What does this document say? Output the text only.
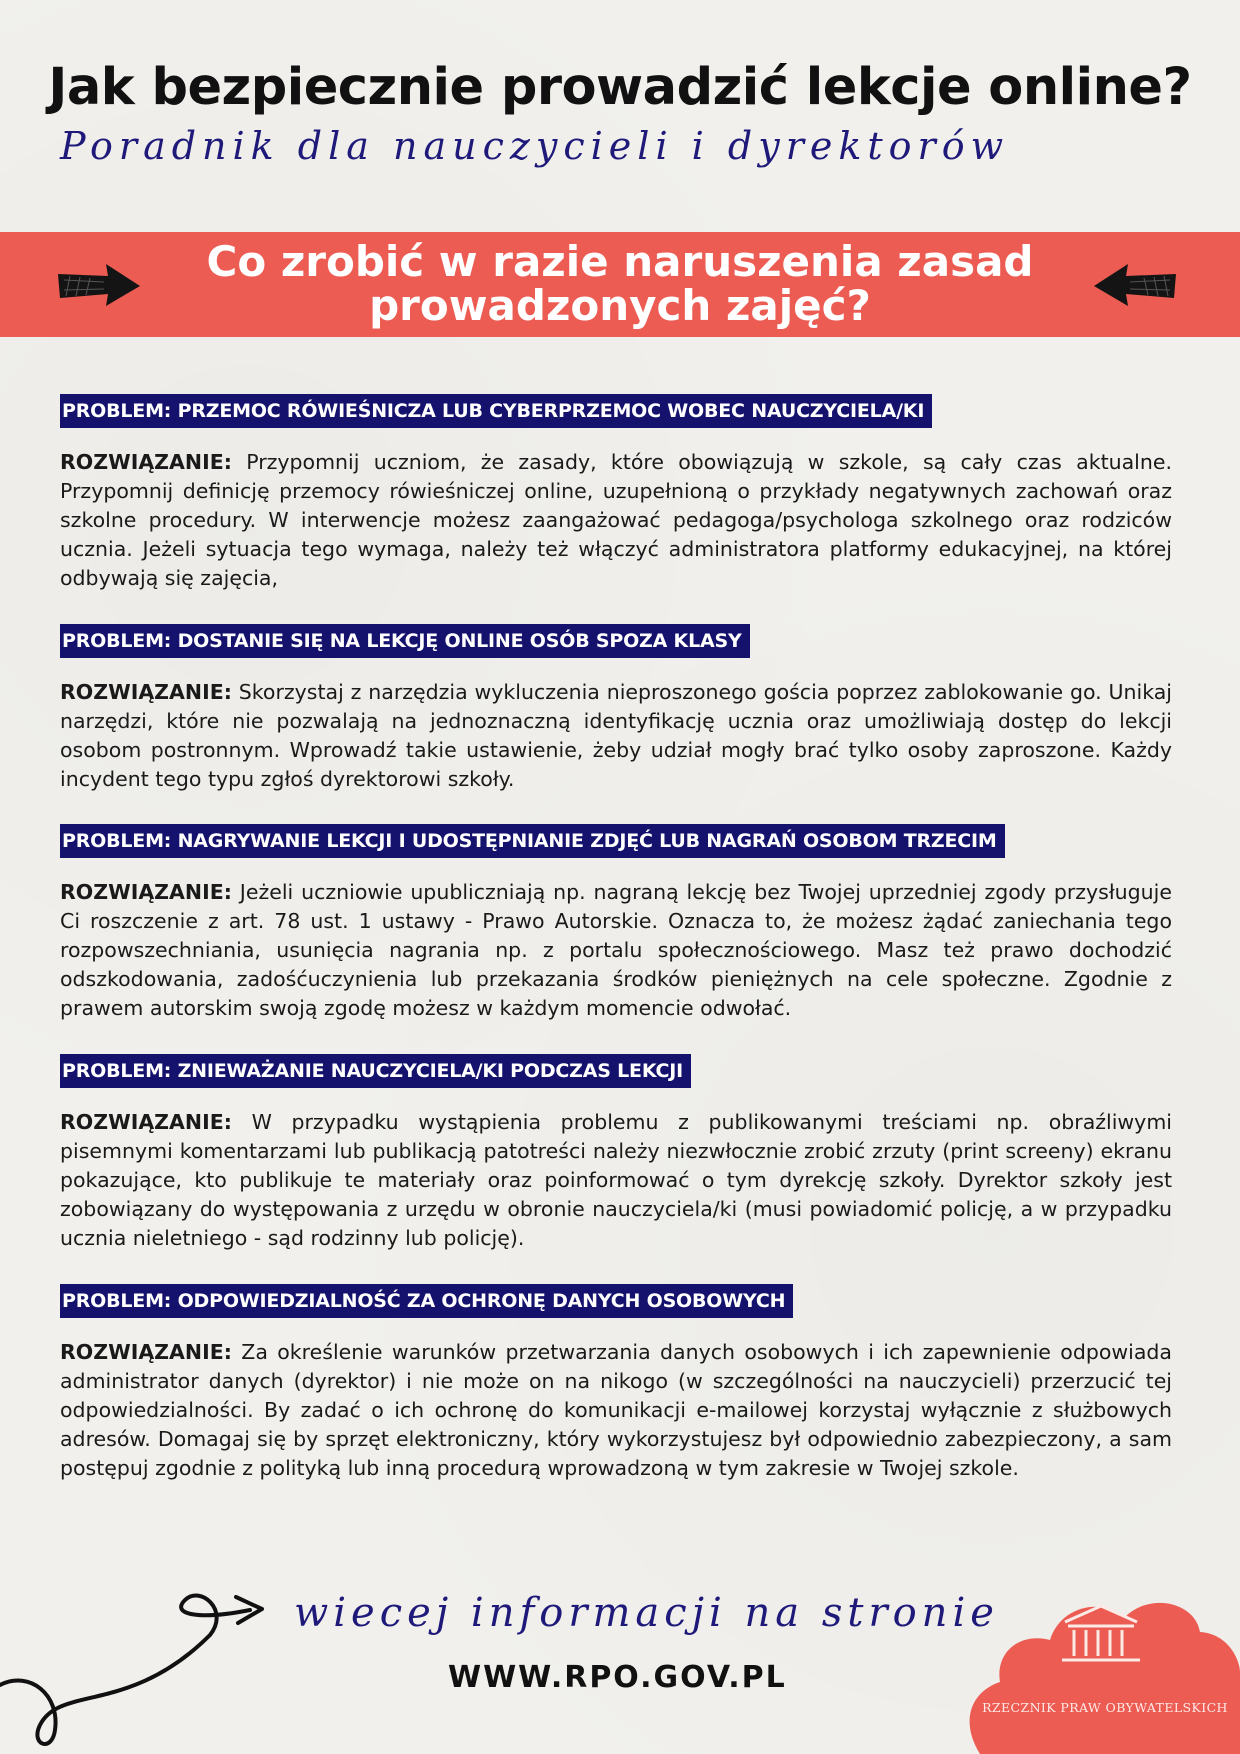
Jak bezpiecznie prowadzić lekcje online?
Poradnik dla nauczycieli i dyrektorów
Co zrobić w razie naruszenia zasad
prowadzonych zajęć?
PROBLEM: PRZEMOC RÓWIEŚNICZA LUB CYBERPRZEMOC WOBEC NAUCZYCIELA/KI
ROZWIĄZANIE: Przypomnij uczniom, że zasady, które obowiązują w szkole, są cały czas aktualne. Przypomnij definicję przemocy rówieśniczej online, uzupełnioną o przykłady negatywnych zachowań oraz szkolne procedury. W interwencje możesz zaangażować pedagoga/psychologa szkolnego oraz rodziców ucznia. Jeżeli sytuacja tego wymaga, należy też włączyć administratora platformy edukacyjnej, na której odbywają się zajęcia,
PROBLEM: DOSTANIE SIĘ NA LEKCJĘ ONLINE OSÓB SPOZA KLASY
ROZWIĄZANIE: Skorzystaj z narzędzia wykluczenia nieproszonego gościa poprzez zablokowanie go. Unikaj narzędzi, które nie pozwalają na jednoznaczną identyfikację ucznia oraz umożliwiają dostęp do lekcji osobom postronnym. Wprowadź takie ustawienie, żeby udział mogły brać tylko osoby zaproszone. Każdy incydent tego typu zgłoś dyrektorowi szkoły.
PROBLEM: NAGRYWANIE LEKCJI I UDOSTĘPNIANIE ZDJĘĆ LUB NAGRAŃ OSOBOM TRZECIM
ROZWIĄZANIE: Jeżeli uczniowie upubliczniają np. nagraną lekcję bez Twojej uprzedniej zgody przysługuje Ci roszczenie z art. 78 ust. 1 ustawy - Prawo Autorskie. Oznacza to, że możesz żądać zaniechania tego rozpowszechniania, usunięcia nagrania np. z portalu społecznościowego. Masz też prawo dochodzić odszkodowania, zadośćuczynienia lub przekazania środków pieniężnych na cele społeczne. Zgodnie z prawem autorskim swoją zgodę możesz w każdym momencie odwołać.
PROBLEM: ZNIEWAŻANIE NAUCZYCIELA/KI PODCZAS LEKCJI
ROZWIĄZANIE: W przypadku wystąpienia problemu z publikowanymi treściami np. obraźliwymi pisemnymi komentarzami lub publikacją patotreści należy niezwłocznie zrobić zrzuty (print screeny) ekranu pokazujące, kto publikuje te materiały oraz poinformować o tym dyrekcję szkoły. Dyrektor szkoły jest zobowiązany do występowania z urzędu w obronie nauczyciela/ki (musi powiadomić policję, a w przypadku ucznia nieletniego - sąd rodzinny lub policję).
PROBLEM: ODPOWIEDZIALNOŚĆ ZA OCHRONĘ DANYCH OSOBOWYCH
ROZWIĄZANIE: Za określenie warunków przetwarzania danych osobowych i ich zapewnienie odpowiada administrator danych (dyrektor) i nie może on na nikogo (w szczególności na nauczycieli) przerzucić tej odpowiedzialności. By zadać o ich ochronę do komunikacji e-mailowej korzystaj wyłącznie z służbowych adresów. Domagaj się by sprzęt elektroniczny, który wykorzystujesz był odpowiednio zabezpieczony, a sam postępuj zgodnie z polityką lub inną procedurą wprowadzoną w tym zakresie w Twojej szkole.
wiecej informacji na stronie
WWW.RPO.GOV.PL
RZECZNIK PRAW OBYWATELSKICH
